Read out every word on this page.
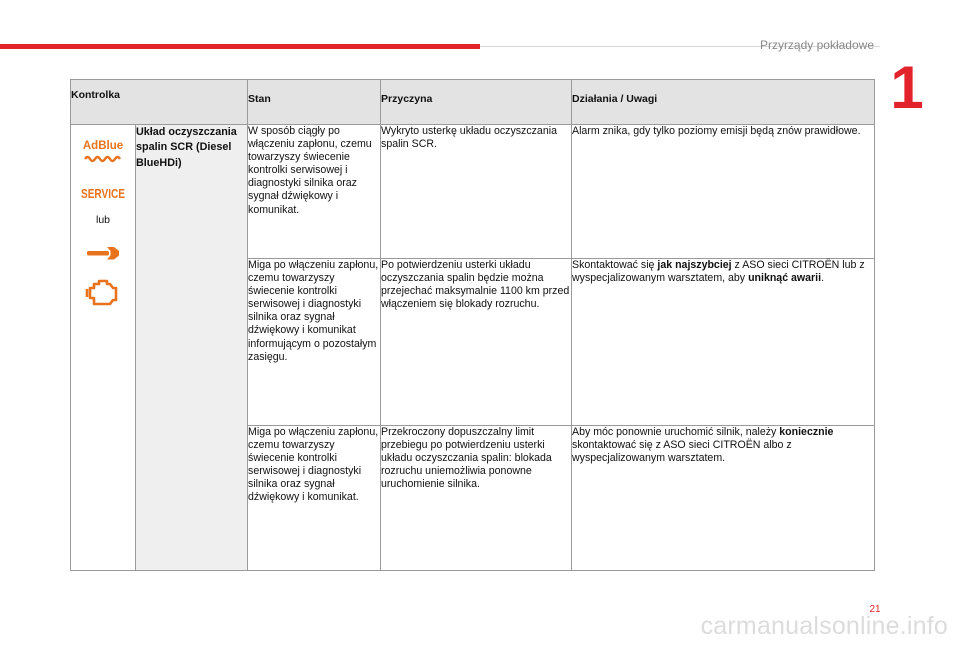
Przyrządy pokładowe
1
Kontrolka		Stan	Przyczyna	Działania / Uwagi

AdBlue
SERVICE
lub	Układ oczyszczania spalin SCR (Diesel BlueHDi)	W sposób ciągły po włączeniu zapłonu, czemu towarzyszy świecenie kontrolki serwisowej i diagnostyki silnika oraz sygnał dźwiękowy i komunikat.	Wykryto usterkę układu oczyszczania spalin SCR.	Alarm znika, gdy tylko poziomy emisji będą znów prawidłowe.
		Miga po włączeniu zapłonu, czemu towarzyszy świecenie kontrolki serwisowej i diagnostyki silnika oraz sygnał dźwiękowy i komunikat informującym o pozostałym zasięgu.	Po potwierdzeniu usterki układu oczyszczania spalin będzie można przejechać maksymalnie 1100 km przed włączeniem się blokady rozruchu.	Skontaktować się jak najszybciej z ASO sieci CITROËN lub z wyspecjalizowanym warsztatem, aby uniknąć awarii.
		Miga po włączeniu zapłonu, czemu towarzyszy świecenie kontrolki serwisowej i diagnostyki silnika oraz sygnał dźwiękowy i komunikat.	Przekroczony dopuszczalny limit przebiegu po potwierdzeniu usterki układu oczyszczania spalin: blokada rozruchu uniemożliwia ponowne uruchomienie silnika.	Aby móc ponownie uruchomić silnik, należy koniecznie skontaktować się z ASO sieci CITROËN albo z wyspecjalizowanym warsztatem.
21
carmanualsonline.info
